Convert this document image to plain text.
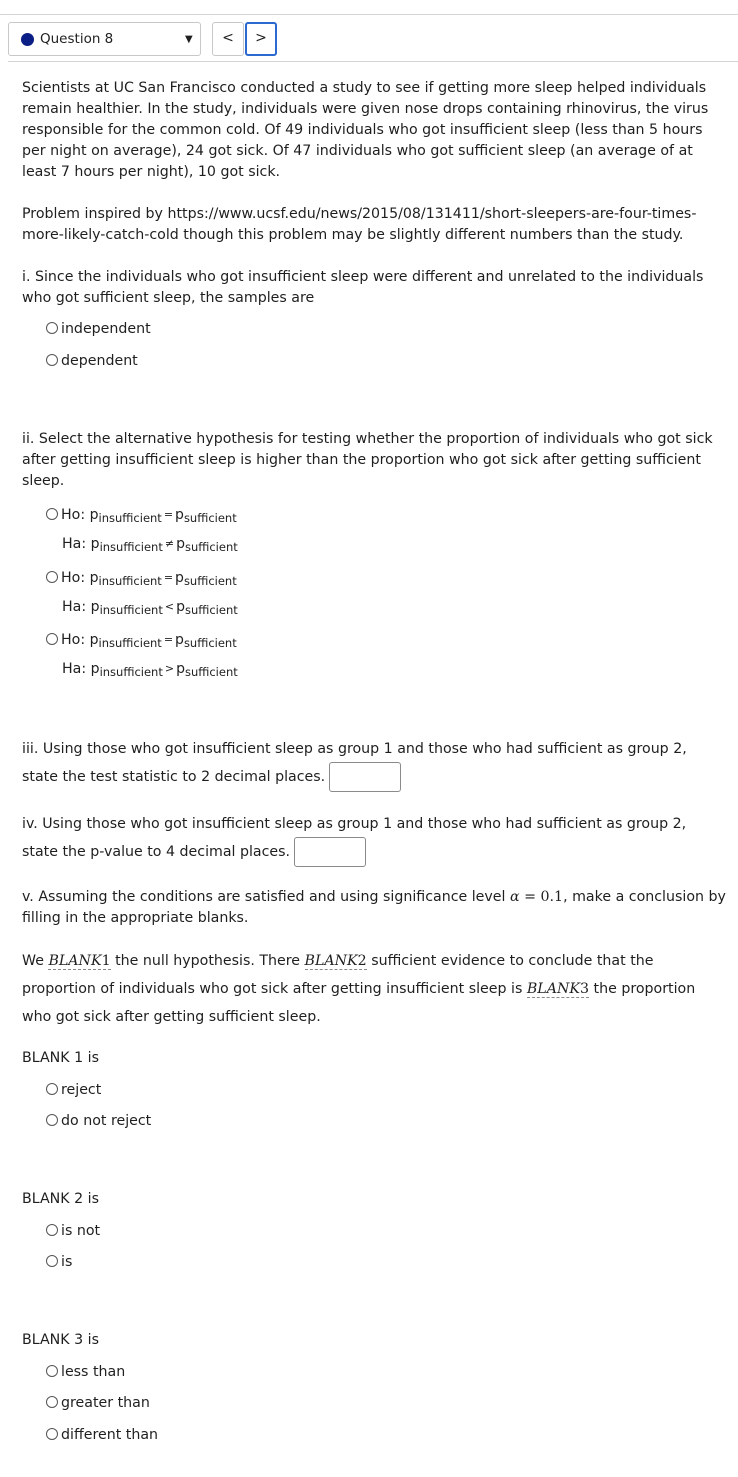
Question 8	▼	<	>

Scientists at UC San Francisco conducted a study to see if getting more sleep helped individuals remain healthier. In the study, individuals were given nose drops containing rhinovirus, the virus responsible for the common cold. Of 49 individuals who got insufficient sleep (less than 5 hours per night on average), 24 got sick. Of 47 individuals who got sufficient sleep (an average of at least 7 hours per night), 10 got sick.

Problem inspired by https://www.ucsf.edu/news/2015/08/131411/short-sleepers-are-four-times-more-likely-catch-cold though this problem may be slightly different numbers than the study.

i. Since the individuals who got insufficient sleep were different and unrelated to the individuals who got sufficient sleep, the samples are

independent
dependent

ii. Select the alternative hypothesis for testing whether the proportion of individuals who got sick after getting insufficient sleep is higher than the proportion who got sick after getting sufficient sleep.

Ho: $p_{insufficient} = p_{sufficient}$
Ha: $p_{insufficient} \ne p_{sufficient}$
Ho: $p_{insufficient} = p_{sufficient}$
Ha: $p_{insufficient} < p_{sufficient}$
Ho: $p_{insufficient} = p_{sufficient}$
Ha: $p_{insufficient} > p_{sufficient}$

iii. Using those who got insufficient sleep as group 1 and those who had sufficient as group 2, state the test statistic to 2 decimal places.

iv. Using those who got insufficient sleep as group 1 and those who had sufficient as group 2, state the p-value to 4 decimal places.

v. Assuming the conditions are satisfied and using significance level α = 0.1, make a conclusion by filling in the appropriate blanks.

We BLANK1 the null hypothesis. There BLANK2 sufficient evidence to conclude that the proportion of individuals who got sick after getting insufficient sleep is BLANK3 the proportion who got sick after getting sufficient sleep.

BLANK 1 is

reject
do not reject

BLANK 2 is

is not
is

BLANK 3 is

less than
greater than
different than
